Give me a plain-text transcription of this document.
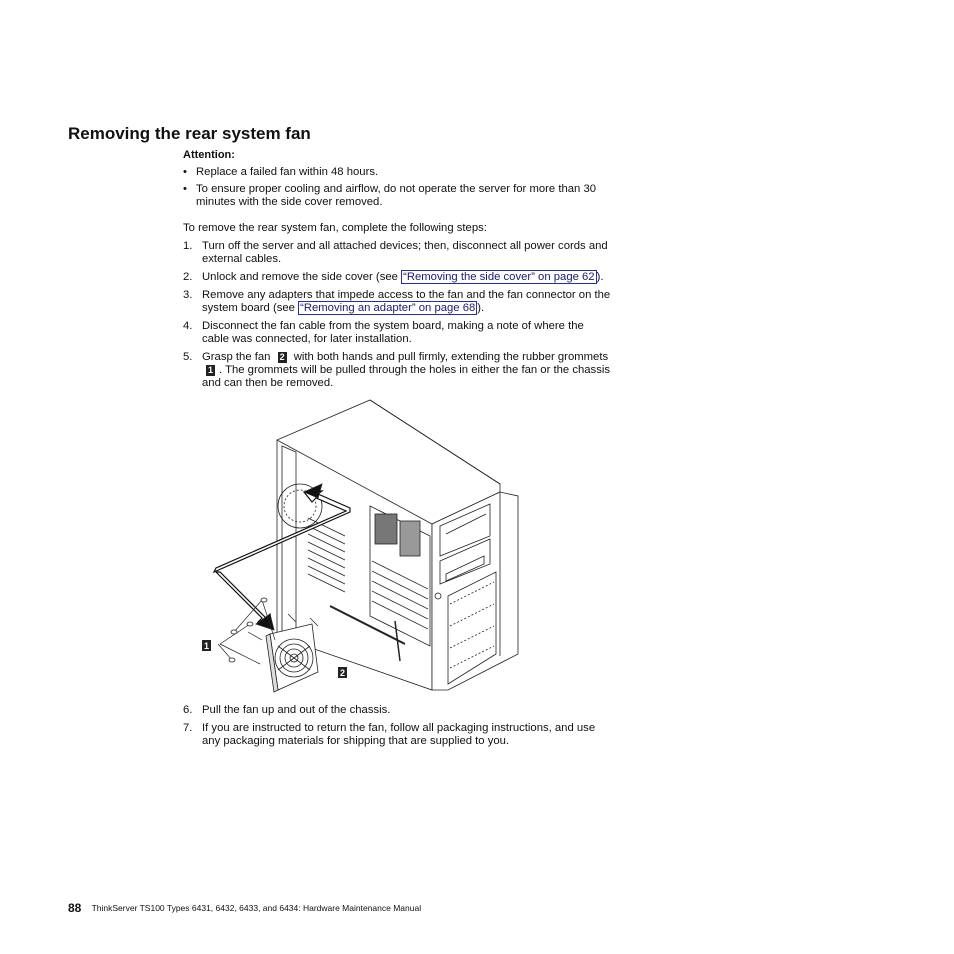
Removing the rear system fan
Attention:
• Replace a failed fan within 48 hours.
• To ensure proper cooling and airflow, do not operate the server for more than 30 minutes with the side cover removed.
To remove the rear system fan, complete the following steps:
1. Turn off the server and all attached devices; then, disconnect all power cords and external cables.
2. Unlock and remove the side cover (see “Removing the side cover” on page 62 ).
3. Remove any adapters that impede access to the fan and the fan connector on the system board (see “Removing an adapter” on page 68 ).
4. Disconnect the fan cable from the system board, making a note of where the cable was connected, for later installation.
5. Grasp the fan 2 with both hands and pull firmly, extending the rubber grommets 1 . The grommets will be pulled through the holes in either the fan or the chassis and can then be removed.
1
2
6. Pull the fan up and out of the chassis.
7. If you are instructed to return the fan, follow all packaging instructions, and use any packaging materials for shipping that are supplied to you.
88 ThinkServer TS100 Types 6431, 6432, 6433, and 6434: Hardware Maintenance Manual
